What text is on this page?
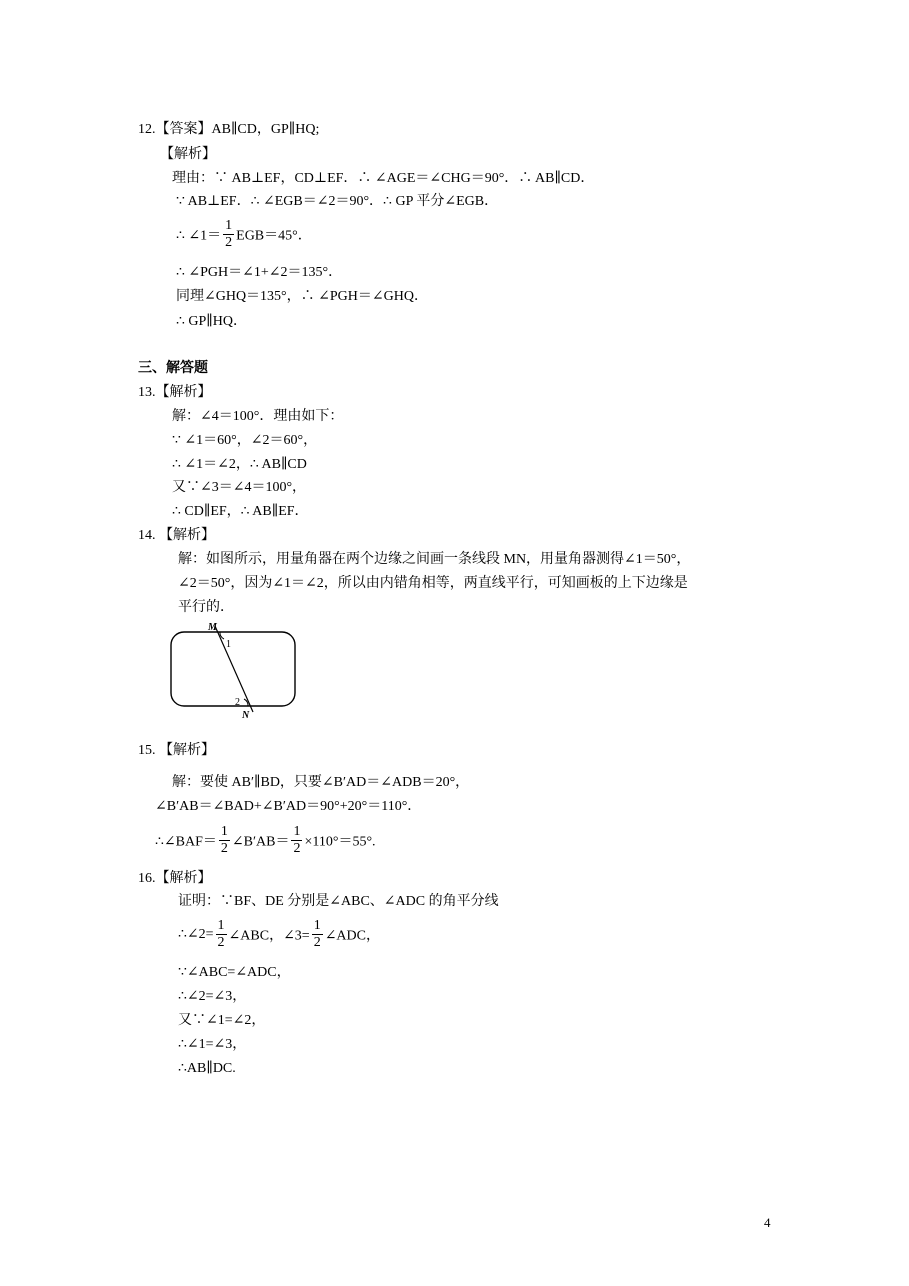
12.【答案】AB∥CD，GP∥HQ;
【解析】
理由：∵ AB⊥EF，CD⊥EF．∴ ∠AGE＝∠CHG＝90°．∴ AB∥CD．
∵ AB⊥EF．∴ ∠EGB＝∠2＝90°．∴ GP 平分∠EGB．
∴ ∠1＝ $\frac{1}{2} EGB=45^\circ$．
∴ ∠PGH＝∠1+∠2＝135°．
同理∠GHQ＝135°，∴ ∠PGH＝∠GHQ．
∴ GP∥HQ．
三、解答题
13.【解析】
解：∠4＝100°．理由如下：
∵ ∠1＝60°，∠2＝60°，
∴ ∠1＝∠2，∴ AB∥CD
又∵∠3＝∠4＝100°，
∴ CD∥EF，∴ AB∥EF．
14. 【解析】
解：如图所示，用量角器在两个边缘之间画一条线段 MN，用量角器测得∠1＝50°，
∠2＝50°，因为∠1＝∠2，所以由内错角相等，两直线平行，可知画板的上下边缘是
平行的．
M
N
1
2
15. 【解析】
解：要使 AB′∥BD，只要∠B′AD＝∠ADB＝20°，
∠B′AB＝∠BAD+∠B′AD＝90°+20°＝110°．
∴∠BAF＝ $\frac{1}{2}$ ∠B′AB＝ $\frac{1}{2} \times 110^\circ=55^\circ$.
16.【解析】
证明：∵BF、DE 分别是∠ABC、∠ADC 的角平分线
∴∠2= $\frac{1}{2}$ ∠ABC，∠3= $\frac{1}{2}$ ∠ADC，
∵∠ABC=∠ADC，
∴∠2=∠3，
又∵∠1=∠2，
∴∠1=∠3，
∴AB∥DC.
4
